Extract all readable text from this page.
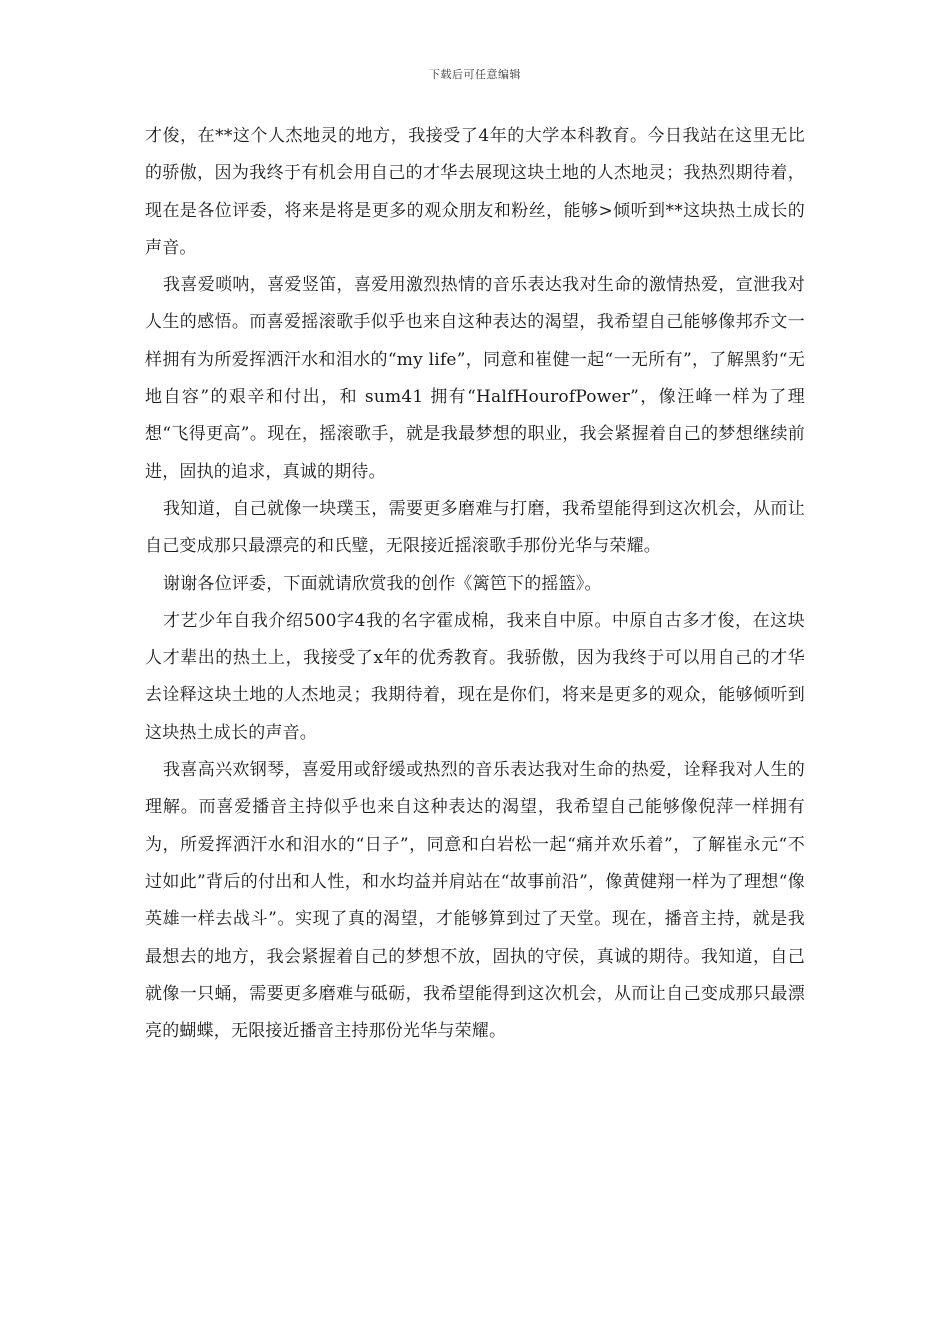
下载后可任意编辑

才俊，在**这个人杰地灵的地方，我接受了4年的大学本科教育。今日我站在这里无比的骄傲，因为我终于有机会用自己的才华去展现这块土地的人杰地灵；我热烈期待着，现在是各位评委，将来是将是更多的观众朋友和粉丝，能够>倾听到**这块热土成长的声音。

我喜爱唢呐，喜爱竖笛，喜爱用激烈热情的音乐表达我对生命的激情热爱，宣泄我对人生的感悟。而喜爱摇滚歌手似乎也来自这种表达的渴望，我希望自己能够像邦乔文一样拥有为所爱挥洒汗水和泪水的“my life”，同意和崔健一起“一无所有”，了解黑豹“无地自容”的艰辛和付出，和 sum41 拥有“HalfHourofPower”，像汪峰一样为了理想“飞得更高”。现在，摇滚歌手，就是我最梦想的职业，我会紧握着自己的梦想继续前进，固执的追求，真诚的期待。

我知道，自己就像一块璞玉，需要更多磨难与打磨，我希望能得到这次机会，从而让自己变成那只最漂亮的和氏璧，无限接近摇滚歌手那份光华与荣耀。

谢谢各位评委，下面就请欣赏我的创作《篱笆下的摇篮》。

才艺少年自我介绍500字4我的名字霍成棉，我来自中原。中原自古多才俊，在这块人才辈出的热土上，我接受了x年的优秀教育。我骄傲，因为我终于可以用自己的才华去诠释这块土地的人杰地灵；我期待着，现在是你们，将来是更多的观众，能够倾听到这块热土成长的声音。

我喜高兴欢钢琴，喜爱用或舒缓或热烈的音乐表达我对生命的热爱，诠释我对人生的理解。而喜爱播音主持似乎也来自这种表达的渴望，我希望自己能够像倪萍一样拥有为，所爱挥洒汗水和泪水的“日子”，同意和白岩松一起“痛并欢乐着”，了解崔永元“不过如此”背后的付出和人性，和水均益并肩站在“故事前沿”，像黄健翔一样为了理想“像英雄一样去战斗”。实现了真的渴望，才能够算到过了天堂。现在，播音主持，就是我最想去的地方，我会紧握着自己的梦想不放，固执的守侯，真诚的期待。我知道，自己就像一只蛹，需要更多磨难与砥砺，我希望能得到这次机会，从而让自己变成那只最漂亮的蝴蝶，无限接近播音主持那份光华与荣耀。
